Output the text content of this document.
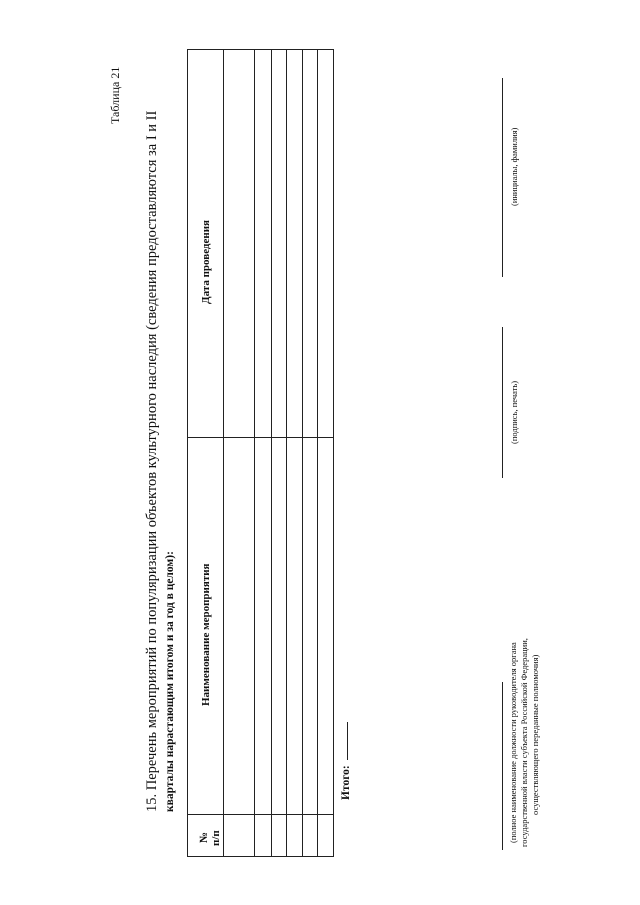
Таблица 21
15. Перечень мероприятий по популяризации объектов культурного наследия (сведения предоставляются за I и II кварталы нарастающим итогом и за год в целом):
№ п/п
Наименование мероприятия
Дата проведения
Итого:	(полное наименование должности руководителя органа государственной власти субъекта Российской Федерации, осуществляющего переданные полномочия)
(подпись, печать)
(инициалы, фамилия)
